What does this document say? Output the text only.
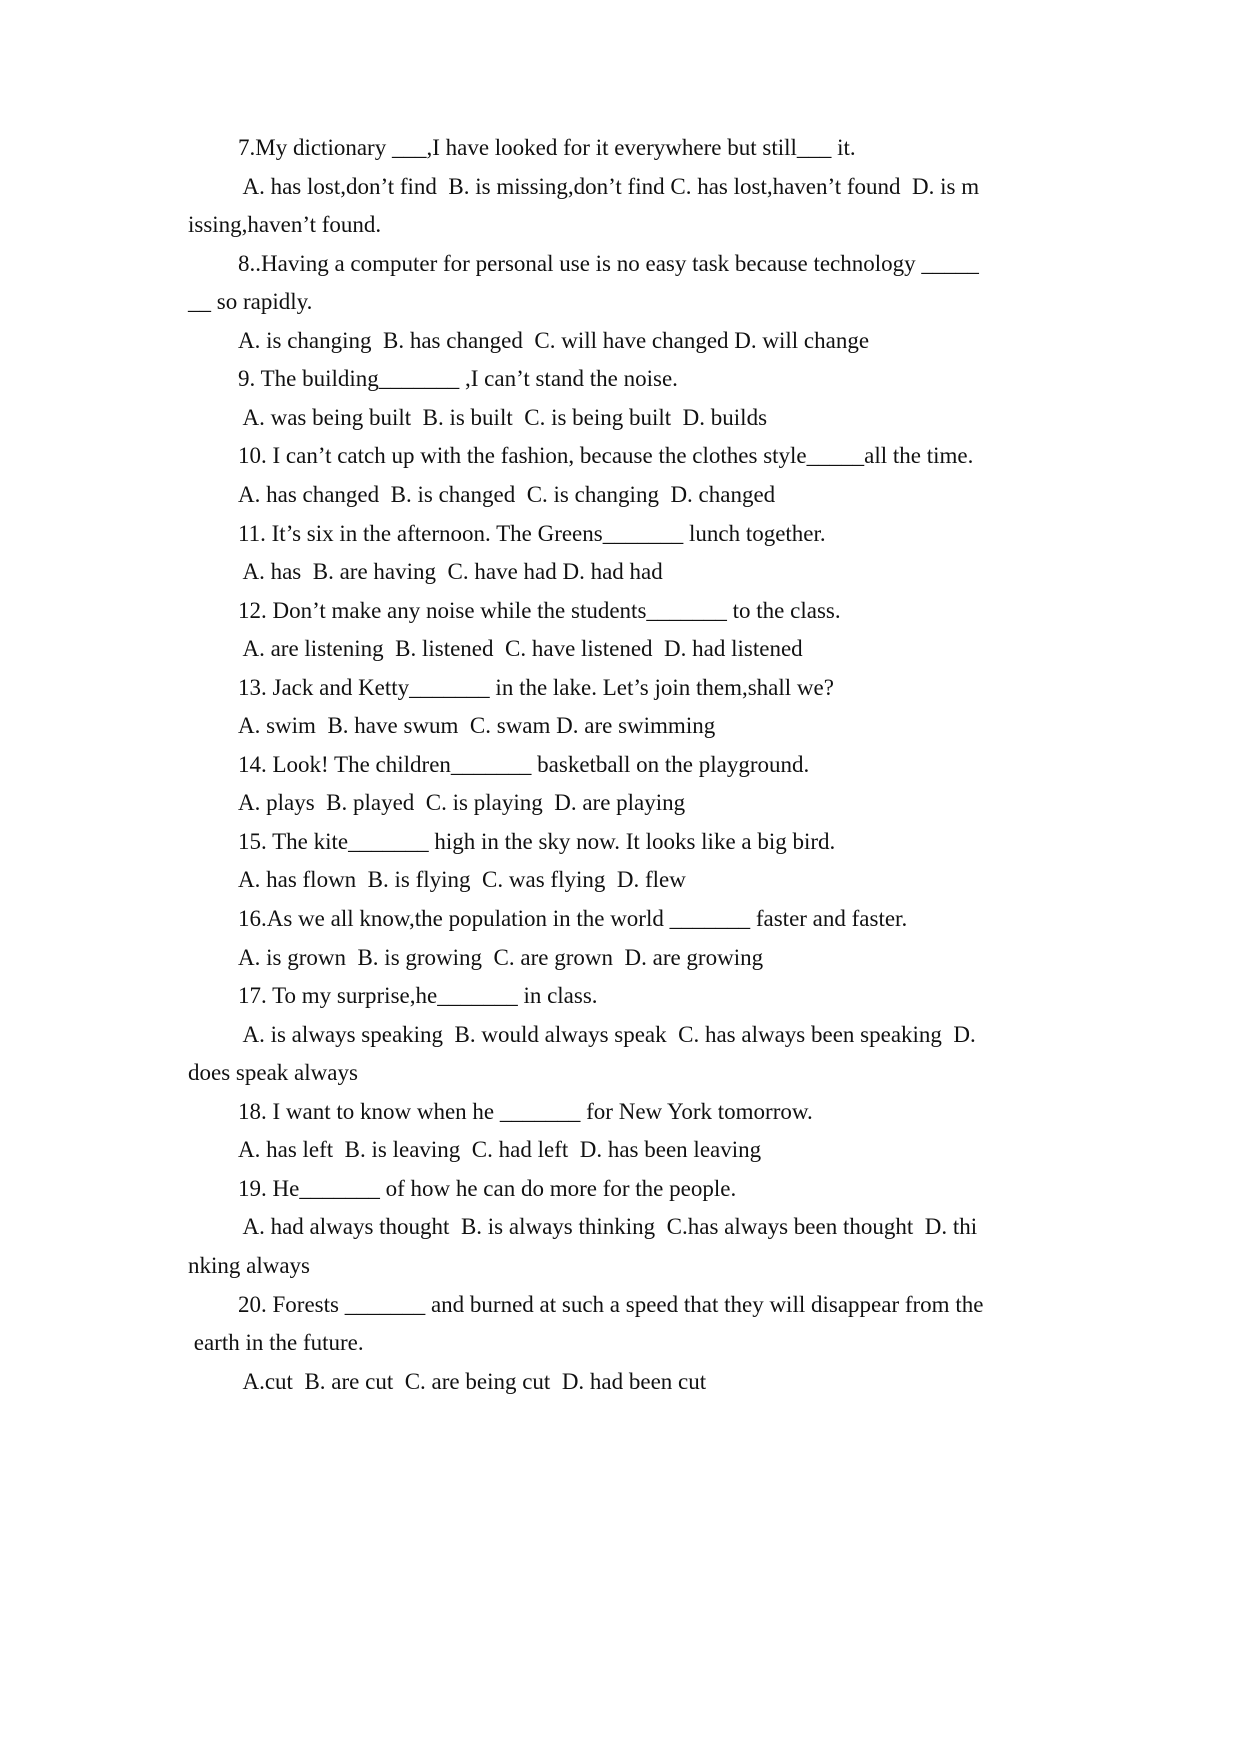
7.My dictionary ___,I have looked for it everywhere but still___ it.
A. has lost,don’t find  B. is missing,don’t find C. has lost,haven’t found  D. is m
issing,haven’t found.
8..Having a computer for personal use is no easy task because technology _____
__ so rapidly.
A. is changing  B. has changed  C. will have changed D. will change
9. The building_______ ,I can’t stand the noise.
A. was being built  B. is built  C. is being built  D. builds
10. I can’t catch up with the fashion, because the clothes style_____all the time.
A. has changed  B. is changed  C. is changing  D. changed
11. It’s six in the afternoon. The Greens_______ lunch together.
A. has  B. are having  C. have had D. had had
12. Don’t make any noise while the students_______ to the class.
A. are listening  B. listened  C. have listened  D. had listened
13. Jack and Ketty_______ in the lake. Let’s join them,shall we?
A. swim  B. have swum  C. swam D. are swimming
14. Look! The children_______ basketball on the playground.
A. plays  B. played  C. is playing  D. are playing
15. The kite_______ high in the sky now. It looks like a big bird.
A. has flown  B. is flying  C. was flying  D. flew
16.As we all know,the population in the world _______ faster and faster.
A. is grown  B. is growing  C. are grown  D. are growing
17. To my surprise,he_______ in class.
A. is always speaking  B. would always speak  C. has always been speaking  D.
does speak always
18. I want to know when he _______ for New York tomorrow.
A. has left  B. is leaving  C. had left  D. has been leaving
19. He_______ of how he can do more for the people.
A. had always thought  B. is always thinking  C.has always been thought  D. thi
nking always
20. Forests _______ and burned at such a speed that they will disappear from the
earth in the future.
A.cut  B. are cut  C. are being cut  D. had been cut
